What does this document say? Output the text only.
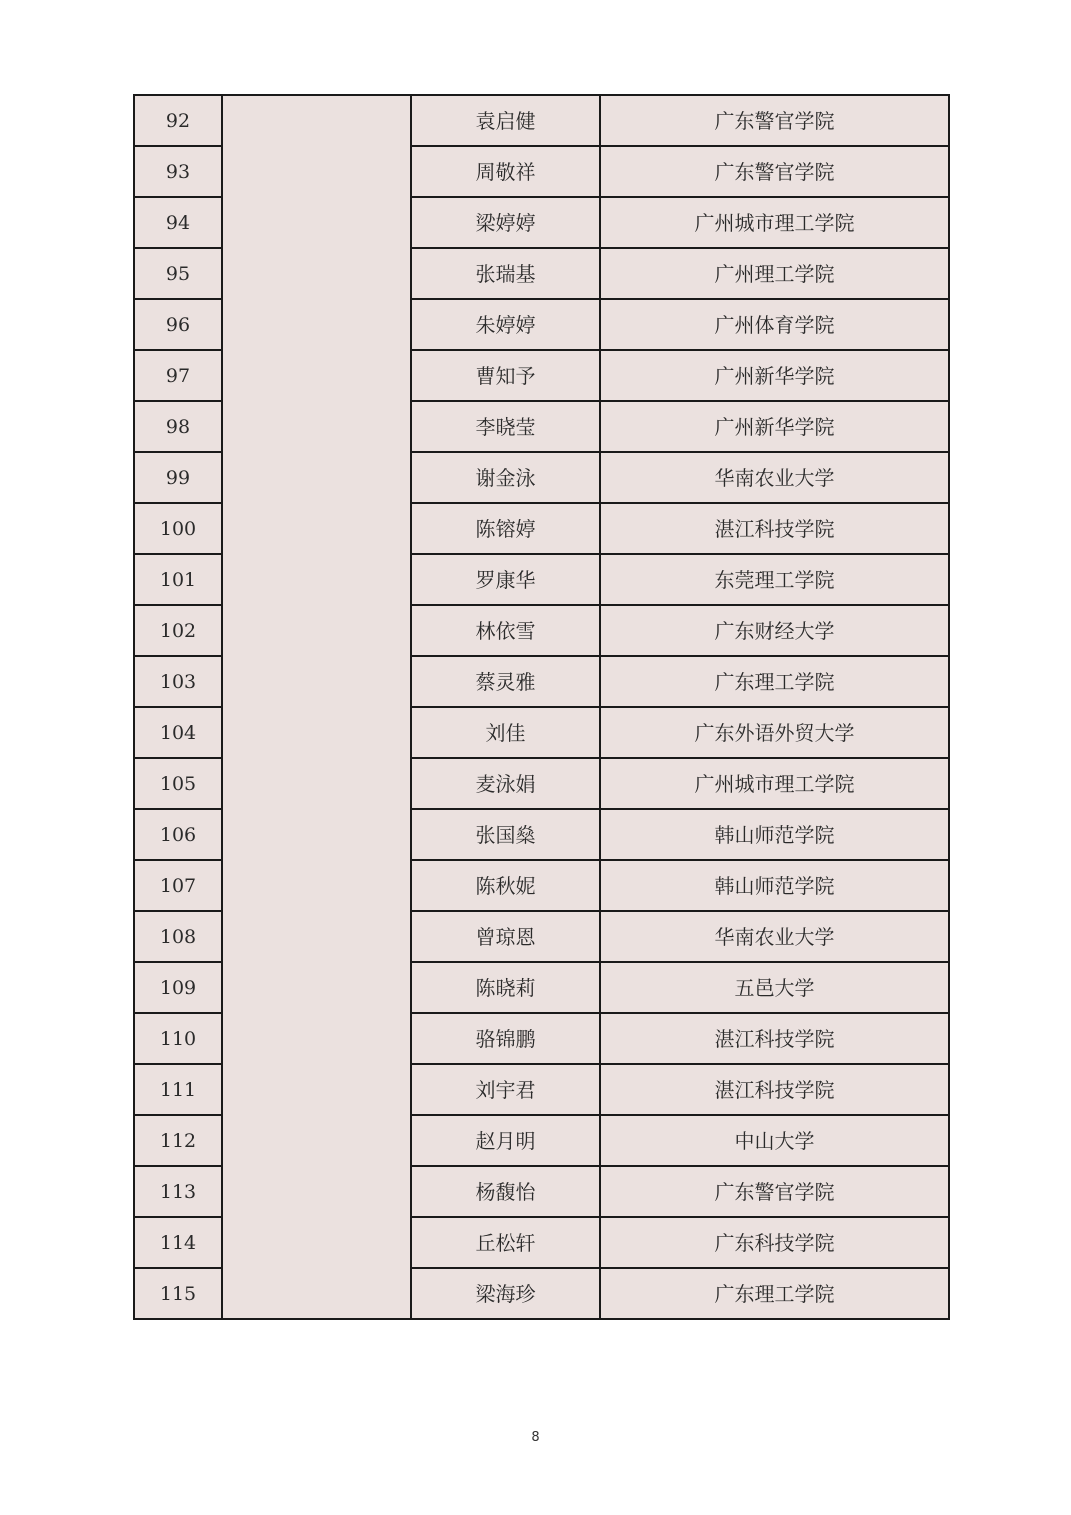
92		袁启健	广东警官学院
93		周敬祥	广东警官学院
94		梁婷婷	广州城市理工学院
95		张瑞基	广州理工学院
96		朱婷婷	广州体育学院
97		曹知予	广州新华学院
98		李晓莹	广州新华学院
99		谢金泳	华南农业大学
100		陈镕婷	湛江科技学院
101		罗康华	东莞理工学院
102		林依雪	广东财经大学
103		蔡灵雅	广东理工学院
104		刘佳	广东外语外贸大学
105		麦泳娟	广州城市理工学院
106		张国燊	韩山师范学院
107		陈秋妮	韩山师范学院
108		曾琼恩	华南农业大学
109		陈晓莉	五邑大学
110		骆锦鹏	湛江科技学院
111		刘宇君	湛江科技学院
112		赵月明	中山大学
113		杨馥怡	广东警官学院
114		丘松轩	广东科技学院
115		梁海珍	广东理工学院
8
